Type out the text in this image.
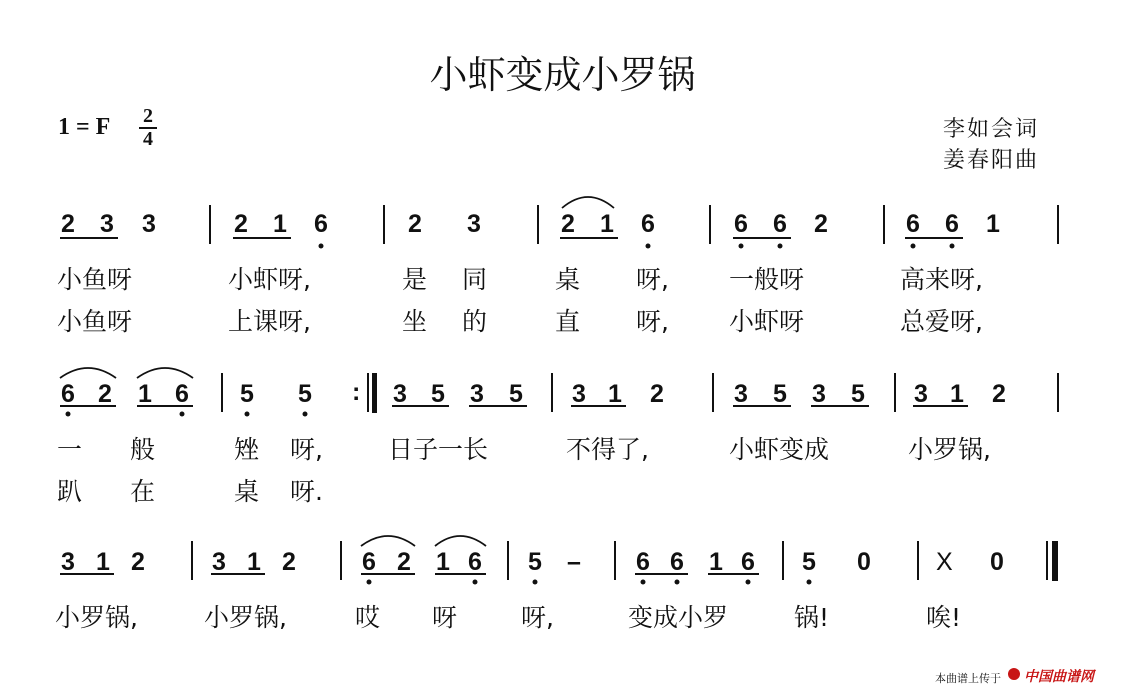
小虾变成小罗锅
1 = F 2
4	李如会词
姜春阳曲
2 3 3	2 1 6	2 3	2 1 6	6 6 2	6 6 1
小鱼呀	小虾呀,	是 同	桌 呀, 一般呀	高来呀,
小鱼呀	上课呀,	坐 的	直 呀, 小虾呀	总爱呀,
6 2 1 6 5 5 : 3 5 3 5 3 1 2	3 5 3 5 3 1 2
一 般	矬 呀,	日子一长	不得了,	小虾变成	小罗锅,
趴 在	桌 呀.
3 1 2	3 1 2	6 2 1 6 5 – 6 6 1 6 5 0	X 0
小罗锅,	小罗锅,	哎 呀	呀,	变成小罗	锅!	唉!
本曲谱上传于 中国曲谱网
